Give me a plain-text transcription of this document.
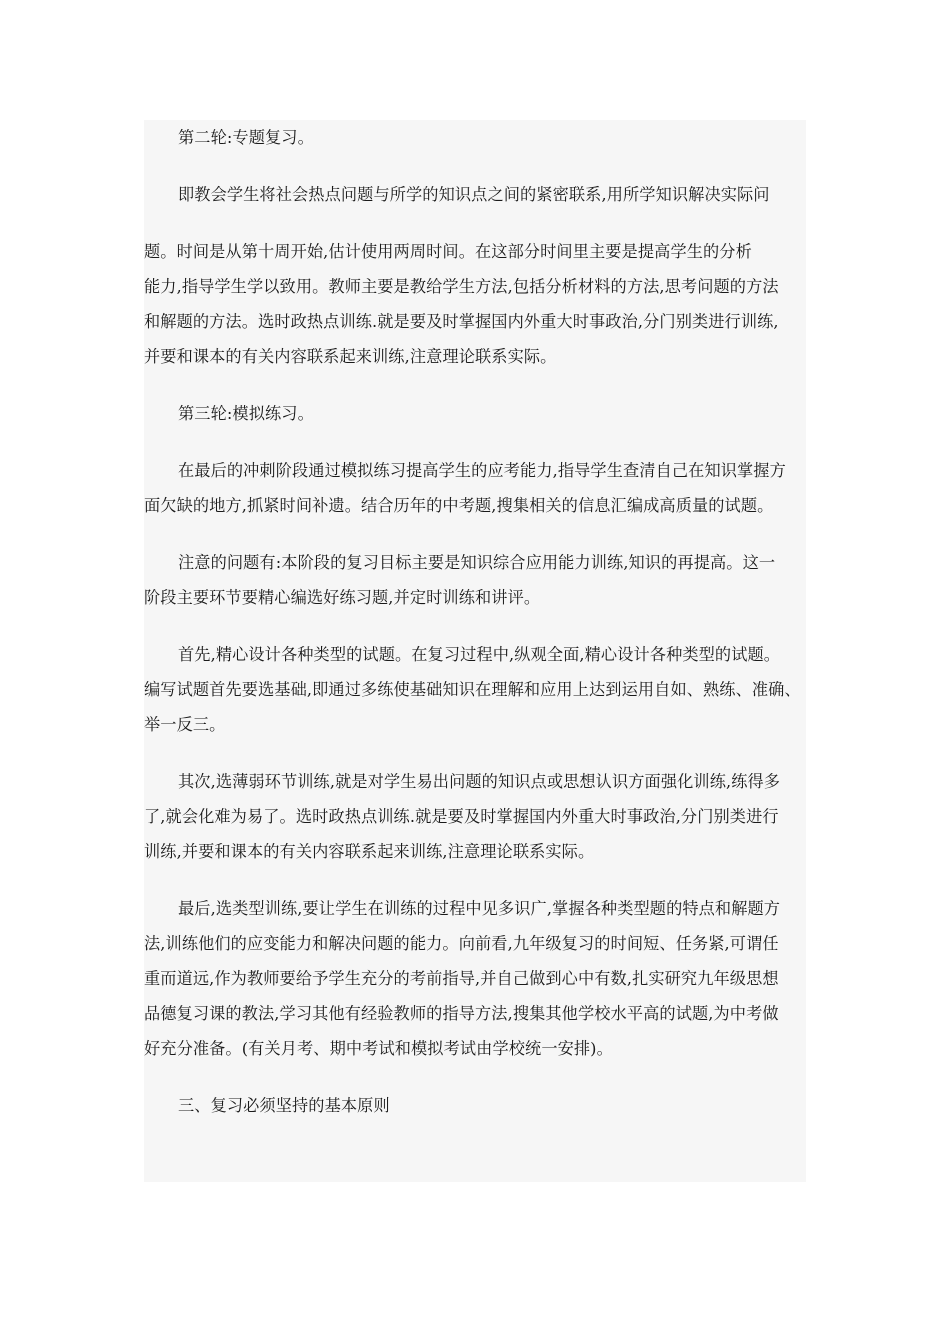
第二轮:专题复习。

即教会学生将社会热点问题与所学的知识点之间的紧密联系,用所学知识解决实际问

题。时间是从第十周开始,估计使用两周时间。在这部分时间里主要是提高学生的分析
能力,指导学生学以致用。教师主要是教给学生方法,包括分析材料的方法,思考问题的方法
和解题的方法。选时政热点训练.就是要及时掌握国内外重大时事政治,分门别类进行训练,
并要和课本的有关内容联系起来训练,注意理论联系实际。

第三轮:模拟练习。

在最后的冲刺阶段通过模拟练习提高学生的应考能力,指导学生查清自己在知识掌握方
面欠缺的地方,抓紧时间补遗。结合历年的中考题,搜集相关的信息汇编成高质量的试题。

注意的问题有:本阶段的复习目标主要是知识综合应用能力训练,知识的再提高。这一
阶段主要环节要精心编选好练习题,并定时训练和讲评。

首先,精心设计各种类型的试题。在复习过程中,纵观全面,精心设计各种类型的试题。
编写试题首先要选基础,即通过多练使基础知识在理解和应用上达到运用自如、熟练、准确、
举一反三。

其次,选薄弱环节训练,就是对学生易出问题的知识点或思想认识方面强化训练,练得多
了,就会化难为易了。选时政热点训练.就是要及时掌握国内外重大时事政治,分门别类进行
训练,并要和课本的有关内容联系起来训练,注意理论联系实际。

最后,选类型训练,要让学生在训练的过程中见多识广,掌握各种类型题的特点和解题方
法,训练他们的应变能力和解决问题的能力。向前看,九年级复习的时间短、任务紧,可谓任
重而道远,作为教师要给予学生充分的考前指导,并自己做到心中有数,扎实研究九年级思想
品德复习课的教法,学习其他有经验教师的指导方法,搜集其他学校水平高的试题,为中考做
好充分准备。(有关月考、期中考试和模拟考试由学校统一安排)。

三、复习必须坚持的基本原则
